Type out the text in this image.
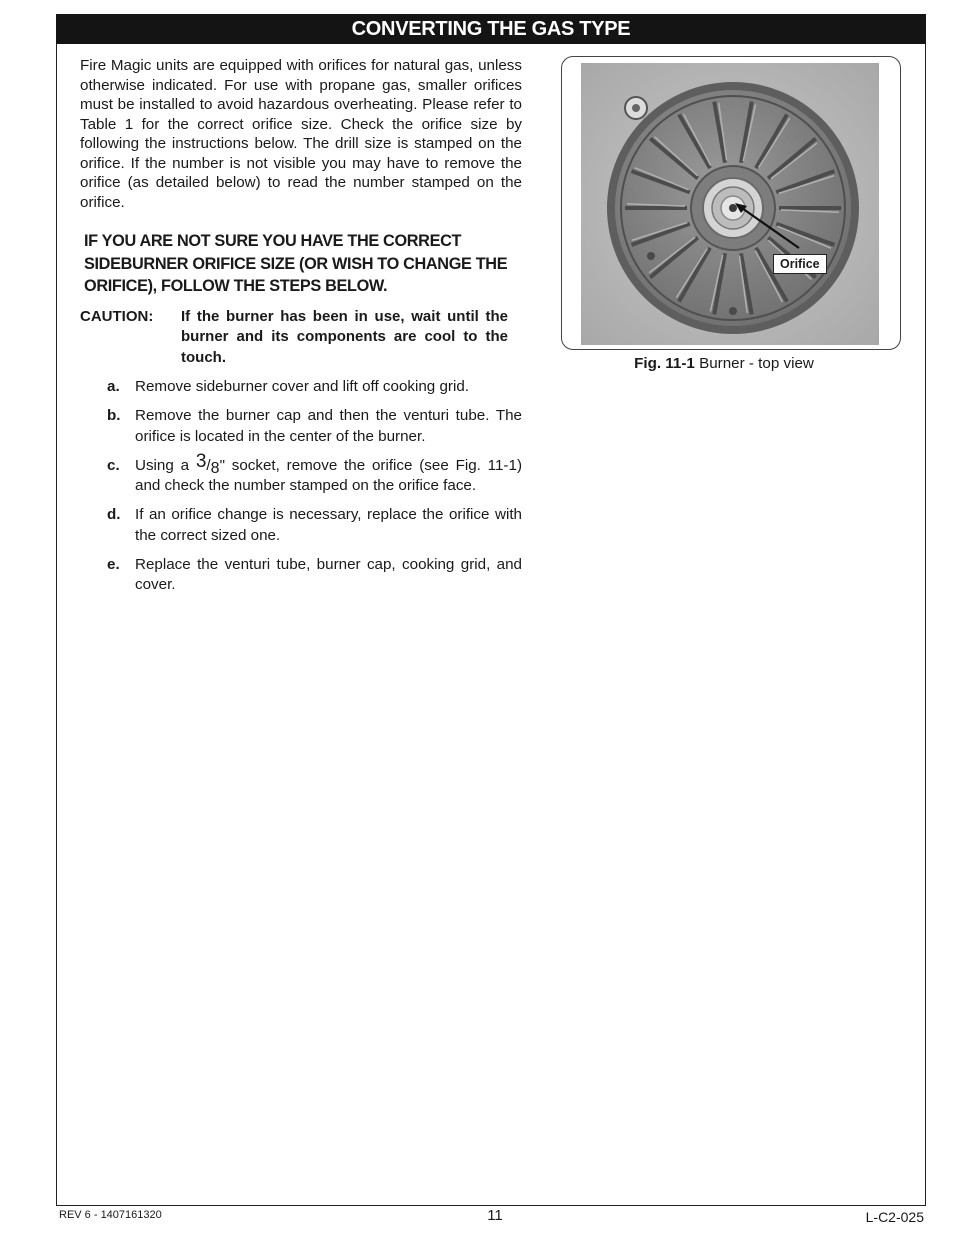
CONVERTING THE GAS TYPE

Fire Magic units are equipped with orifices for natural gas, unless otherwise indicated. For use with propane gas, smaller orifices must be installed to avoid hazardous overheating. Please refer to Table 1 for the correct orifice size. Check the orifice size by following the instructions below. The drill size is stamped on the orifice. If the number is not visible you may have to remove the orifice (as detailed below) to read the number stamped on the orifice.

IF YOU ARE NOT SURE YOU HAVE THE CORRECT SIDEBURNER ORIFICE SIZE (OR WISH TO CHANGE THE ORIFICE), FOLLOW THE STEPS BELOW.
CAUTION: If the burner has been in use, wait until the burner and its components are cool to the touch.
a. Remove sideburner cover and lift off cooking grid.
b. Remove the burner cap and then the venturi tube. The orifice is located in the center of the burner.
c. Using a 3/8" socket, remove the orifice (see Fig. 11-1) and check the number stamped on the orifice face.
d. If an orifice change is necessary, replace the orifice with the correct sized one.
e. Replace the venturi tube, burner cap, cooking grid, and cover.
Orifice
Fig. 11-1 Burner - top view
REV 6 - 1407161320	11	L-C2-025
